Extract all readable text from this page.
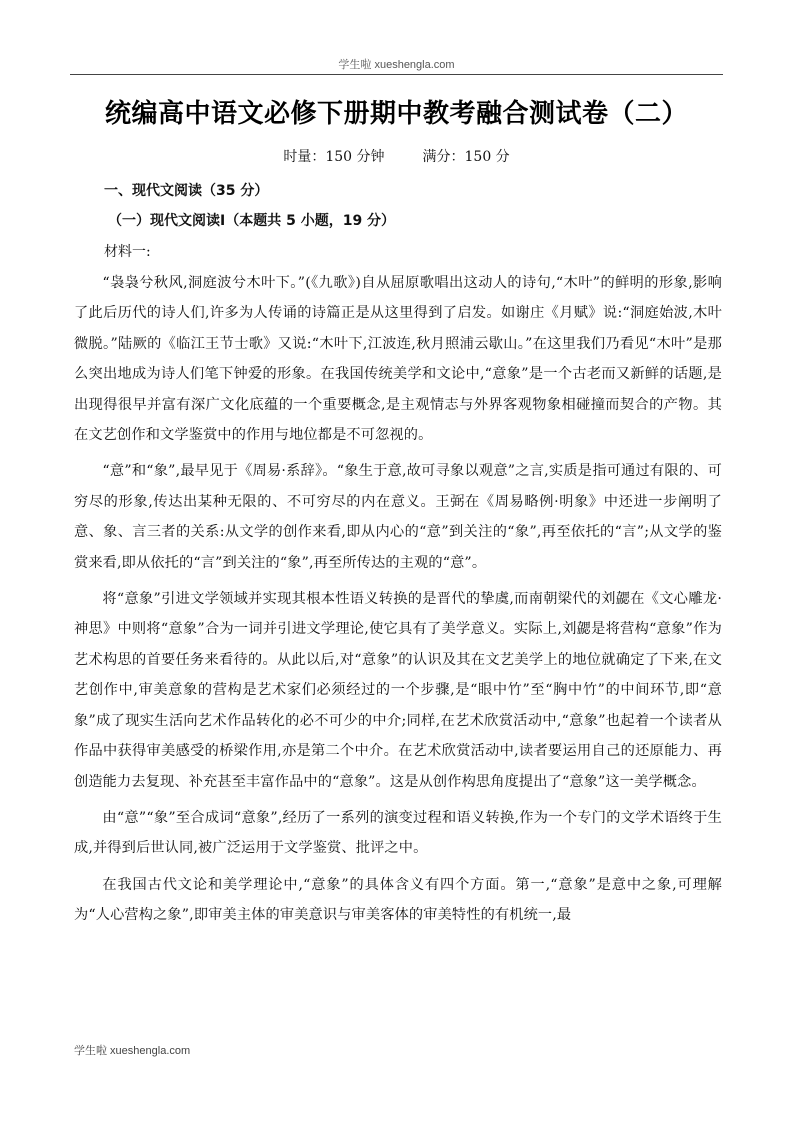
学生啦 xueshengla.com
统编高中语文必修下册期中教考融合测试卷（二）
时量：150 分钟	满分：150 分
一、现代文阅读（35 分）
（一）现代文阅读Ⅰ（本题共 5 小题，19 分）
材料一:

“袅袅兮秋风,洞庭波兮木叶下。”(《九歌》)自从屈原歌唱出这动人的诗句,“木叶”的鲜明的形象,影响了此后历代的诗人们,许多为人传诵的诗篇正是从这里得到了启发。如谢庄《月赋》说:“洞庭始波,木叶微脱。”陆厥的《临江王节士歌》又说:“木叶下,江波连,秋月照浦云歇山。”在这里我们乃看见“木叶”是那么突出地成为诗人们笔下钟爱的形象。在我国传统美学和文论中,“意象”是一个古老而又新鲜的话题,是出现得很早并富有深广文化底蕴的一个重要概念,是主观情志与外界客观物象相碰撞而契合的产物。其在文艺创作和文学鉴赏中的作用与地位都是不可忽视的。

“意”和“象”,最早见于《周易·系辞》。“象生于意,故可寻象以观意”之言,实质是指可通过有限的、可穷尽的形象,传达出某种无限的、不可穷尽的内在意义。王弼在《周易略例·明象》中还进一步阐明了意、象、言三者的关系:从文学的创作来看,即从内心的“意”到关注的“象”,再至依托的“言”;从文学的鉴赏来看,即从依托的“言”到关注的“象”,再至所传达的主观的“意”。

将“意象”引进文学领域并实现其根本性语义转换的是晋代的挚虞,而南朝梁代的刘勰在《文心雕龙·神思》中则将“意象”合为一词并引进文学理论,使它具有了美学意义。实际上,刘勰是将营构“意象”作为艺术构思的首要任务来看待的。从此以后,对“意象”的认识及其在文艺美学上的地位就确定了下来,在文艺创作中,审美意象的营构是艺术家们必须经过的一个步骤,是“眼中竹”至“胸中竹”的中间环节,即“意象”成了现实生活向艺术作品转化的必不可少的中介;同样,在艺术欣赏活动中,“意象”也起着一个读者从作品中获得审美感受的桥梁作用,亦是第二个中介。在艺术欣赏活动中,读者要运用自己的还原能力、再创造能力去复现、补充甚至丰富作品中的“意象”。这是从创作构思角度提出了“意象”这一美学概念。

由“意”“象”至合成词“意象”,经历了一系列的演变过程和语义转换,作为一个专门的文学术语终于生成,并得到后世认同,被广泛运用于文学鉴赏、批评之中。

在我国古代文论和美学理论中,“意象”的具体含义有四个方面。第一,“意象”是意中之象,可理解为“人心营构之象”,即审美主体的审美意识与审美客体的审美特性的有机统一,最

学生啦 xueshengla.com
